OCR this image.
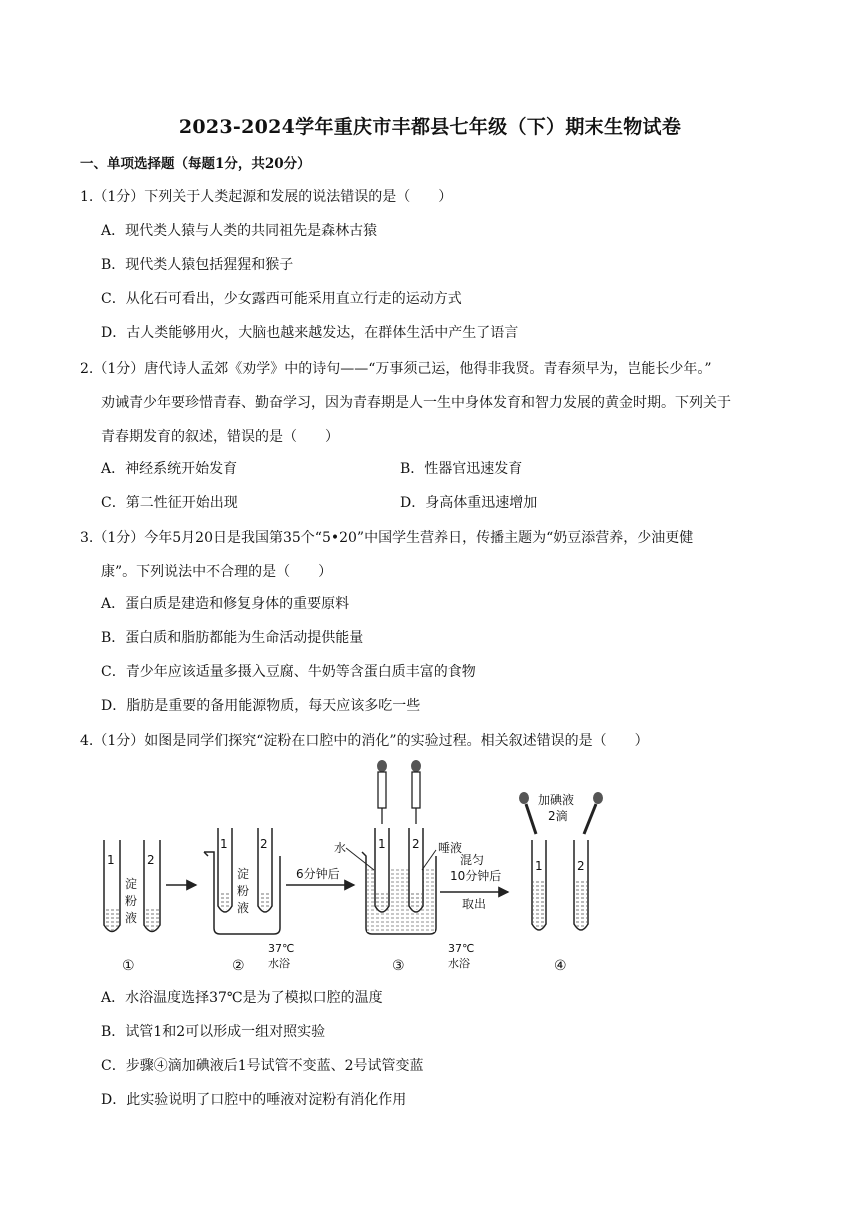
2023-2024学年重庆市丰都县七年级（下）期末生物试卷
一、单项选择题（每题1分，共20分）
1.（1分）下列关于人类起源和发展的说法错误的是（　　）
A．现代类人猿与人类的共同祖先是森林古猿
B．现代类人猿包括猩猩和猴子
C．从化石可看出，少女露西可能采用直立行走的运动方式
D．古人类能够用火，大脑也越来越发达，在群体生活中产生了语言
2.（1分）唐代诗人孟郊《劝学》中的诗句——“万事须己运，他得非我贤。青春须早为，岂能长少年。”
劝诫青少年要珍惜青春、勤奋学习，因为青春期是人一生中身体发育和智力发展的黄金时期。下列关于
青春期发育的叙述，错误的是（　　）
A．神经系统开始发育	B．性器官迅速发育
C．第二性征开始出现	D．身高体重迅速增加
3.（1分）今年5月20日是我国第35个“5•20”中国学生营养日，传播主题为“奶豆添营养，少油更健
康”。下列说法中不合理的是（　　）
A．蛋白质是建造和修复身体的重要原料
B．蛋白质和脂肪都能为生命活动提供能量
C．青少年应该适量多摄入豆腐、牛奶等含蛋白质丰富的食物
D．脂肪是重要的备用能源物质，每天应该多吃一些
4.（1分）如图是同学们探究“淀粉在口腔中的消化”的实验过程。相关叙述错误的是（　　）
1	2
淀
粉
液
①
1	2
淀
粉
液
37℃
水浴
②
6分钟后
1 2
水	唾液
37℃
水浴
③
混匀
10分钟后
取出
加碘液
2滴
1	2
④
A．水浴温度选择37℃是为了模拟口腔的温度
B．试管1和2可以形成一组对照实验
C．步骤④滴加碘液后1号试管不变蓝、2号试管变蓝
D．此实验说明了口腔中的唾液对淀粉有消化作用
